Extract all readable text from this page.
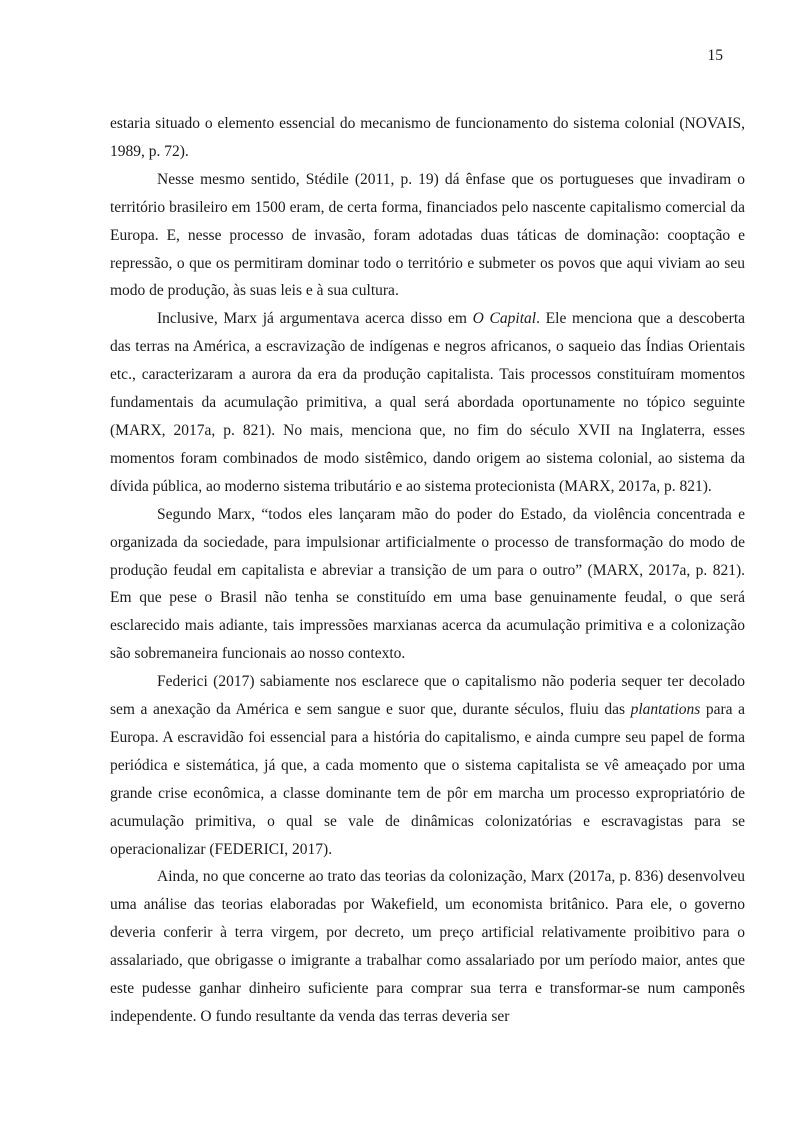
15

estaria situado o elemento essencial do mecanismo de funcionamento do sistema colonial (NOVAIS, 1989, p. 72).

Nesse mesmo sentido, Stédile (2011, p. 19) dá ênfase que os portugueses que invadiram o território brasileiro em 1500 eram, de certa forma, financiados pelo nascente capitalismo comercial da Europa. E, nesse processo de invasão, foram adotadas duas táticas de dominação: cooptação e repressão, o que os permitiram dominar todo o território e submeter os povos que aqui viviam ao seu modo de produção, às suas leis e à sua cultura.

Inclusive, Marx já argumentava acerca disso em O Capital. Ele menciona que a descoberta das terras na América, a escravização de indígenas e negros africanos, o saqueio das Índias Orientais etc., caracterizaram a aurora da era da produção capitalista. Tais processos constituíram momentos fundamentais da acumulação primitiva, a qual será abordada oportunamente no tópico seguinte (MARX, 2017a, p. 821). No mais, menciona que, no fim do século XVII na Inglaterra, esses momentos foram combinados de modo sistêmico, dando origem ao sistema colonial, ao sistema da dívida pública, ao moderno sistema tributário e ao sistema protecionista (MARX, 2017a, p. 821).

Segundo Marx, “todos eles lançaram mão do poder do Estado, da violência concentrada e organizada da sociedade, para impulsionar artificialmente o processo de transformação do modo de produção feudal em capitalista e abreviar a transição de um para o outro” (MARX, 2017a, p. 821). Em que pese o Brasil não tenha se constituído em uma base genuinamente feudal, o que será esclarecido mais adiante, tais impressões marxianas acerca da acumulação primitiva e a colonização são sobremaneira funcionais ao nosso contexto.

Federici (2017) sabiamente nos esclarece que o capitalismo não poderia sequer ter decolado sem a anexação da América e sem sangue e suor que, durante séculos, fluiu das plantations para a Europa. A escravidão foi essencial para a história do capitalismo, e ainda cumpre seu papel de forma periódica e sistemática, já que, a cada momento que o sistema capitalista se vê ameaçado por uma grande crise econômica, a classe dominante tem de pôr em marcha um processo expropriatório de acumulação primitiva, o qual se vale de dinâmicas colonizatórias e escravagistas para se operacionalizar (FEDERICI, 2017).

Ainda, no que concerne ao trato das teorias da colonização, Marx (2017a, p. 836) desenvolveu uma análise das teorias elaboradas por Wakefield, um economista britânico. Para ele, o governo deveria conferir à terra virgem, por decreto, um preço artificial relativamente proibitivo para o assalariado, que obrigasse o imigrante a trabalhar como assalariado por um período maior, antes que este pudesse ganhar dinheiro suficiente para comprar sua terra e transformar-se num camponês independente. O fundo resultante da venda das terras deveria ser
